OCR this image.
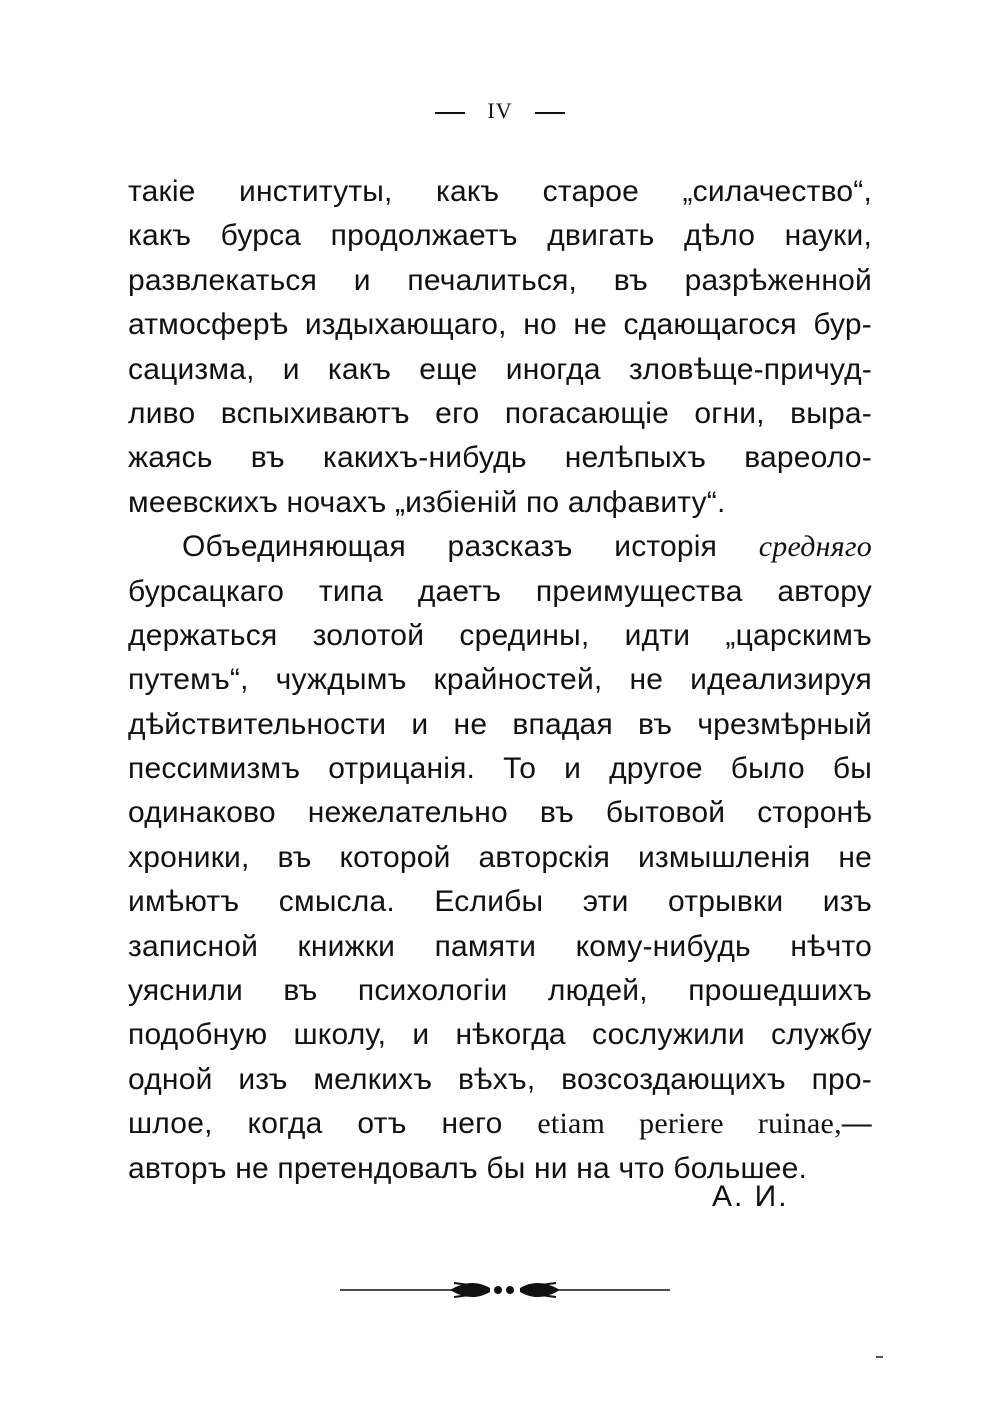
IV
такіе институты, какъ старое „силачество“,
какъ бурса продолжаетъ двигать дѣло науки,
развлекаться и печалиться, въ разрѣженной
атмосферѣ издыхающаго, но не сдающагося бур-
сацизма, и какъ еще иногда зловѣще-причуд-
ливо вспыхиваютъ его погасающіе огни, выра-
жаясь въ какихъ-нибудь нелѣпыхъ вареоло-
меевскихъ ночахъ „избіеній по алфавиту“.
Объединяющая разсказъ исторія средняго
бурсацкаго типа даетъ преимущества автору
держаться золотой средины, идти „царскимъ
путемъ“, чуждымъ крайностей, не идеализируя
дѣйствительности и не впадая въ чрезмѣрный
пессимизмъ отрицанія. То и другое было бы
одинаково нежелательно въ бытовой сторонѣ
хроники, въ которой авторскія измышленія не
имѣютъ смысла. Еслибы эти отрывки изъ
записной книжки памяти кому-нибудь нѣчто
уяснили въ психологіи людей, прошедшихъ
подобную школу, и нѣкогда сослужили службу
одной изъ мелкихъ вѣхъ, возсоздающихъ про-
шлое, когда отъ него etiam periere ruinae,—
авторъ не претендовалъ бы ни на что большее.
А. И.
